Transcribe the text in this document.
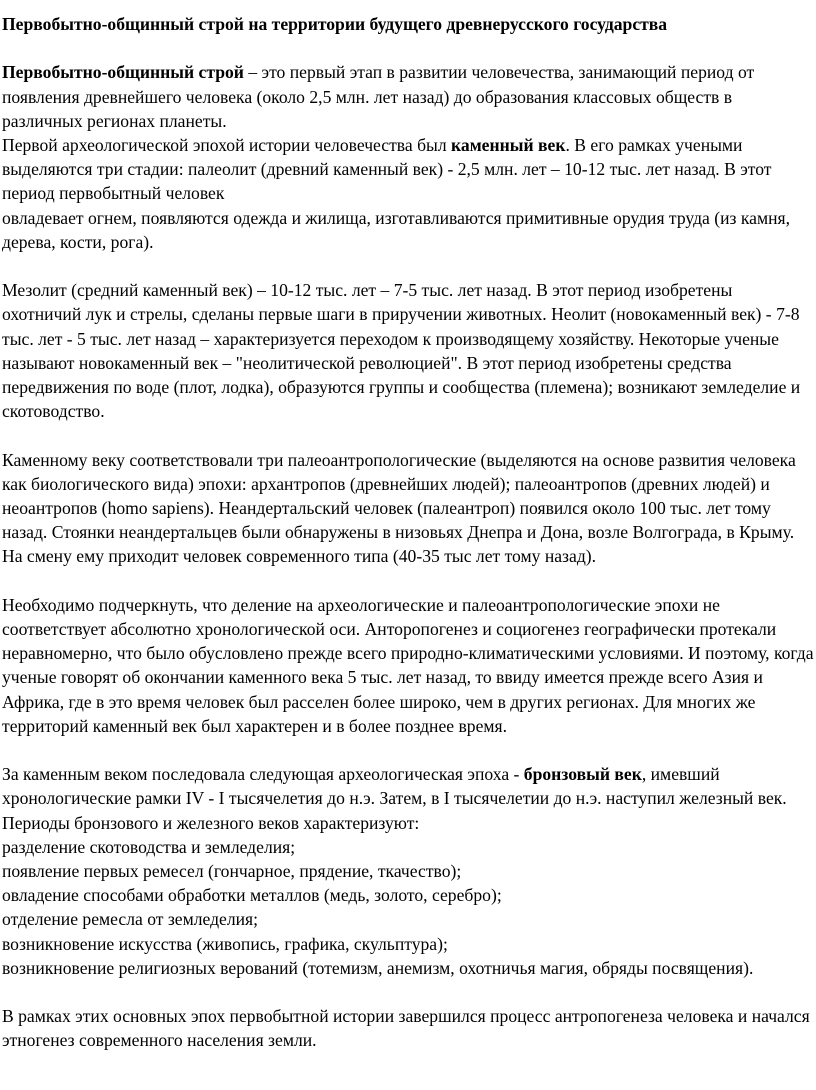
Первобытно-общинный строй на территории будущего древнерусского государства

Первобытно-общинный строй – это первый этап в развитии человечества, занимающий период от появления древнейшего человека (около 2,5 млн. лет назад) до образования классовых обществ в различных регионах планеты.

Первой археологической эпохой истории человечества был каменный век. В его рамках учеными выделяются три стадии: палеолит (древний каменный век) - 2,5 млн. лет – 10-12 тыс. лет назад. В этот период первобытный человек

овладевает огнем, появляются одежда и жилища, изготавливаются примитивные орудия труда (из камня, дерева, кости, рога).

Мезолит (средний каменный век) – 10-12 тыс. лет – 7-5 тыс. лет назад. В этот период изобретены охотничий лук и стрелы, сделаны первые шаги в приручении животных. Неолит (новокаменный век) - 7-8 тыс. лет - 5 тыс. лет назад – характеризуется переходом к производящему хозяйству. Некоторые ученые называют новокаменный век – "неолитической революцией". В этот период изобретены средства передвижения по воде (плот, лодка), образуются группы и сообщества (племена); возникают земледелие и скотоводство.

Каменному веку соответствовали три палеоантропологические (выделяются на основе развития человека как биологического вида) эпохи: архантропов (древнейших людей); палеоантропов (древних людей) и неоантропов (homo sapiens). Неандертальский человек (палеантроп) появился около 100 тыс. лет тому назад. Стоянки неандертальцев были обнаружены в низовьях Днепра и Дона, возле Волгограда, в Крыму. На смену ему приходит человек современного типа (40-35 тыс лет тому назад).

Необходимо подчеркнуть, что деление на археологические и палеоантропологические эпохи не соответствует абсолютно хронологической оси. Анторопогенез и социогенез географически протекали неравномерно, что было обусловлено прежде всего природно-климатическими условиями. И поэтому, когда ученые говорят об окончании каменного века 5 тыс. лет назад, то ввиду имеется прежде всего Азия и Африка, где в это время человек был расселен более широко, чем в других регионах. Для многих же территорий каменный век был характерен и в более позднее время.

За каменным веком последовала следующая археологическая эпоха - бронзовый век, имевший хронологические рамки IV - I тысячелетия до н.э. Затем, в I тысячелетии до н.э. наступил железный век. Периоды бронзового и железного веков характеризуют:

разделение скотоводства и земледелия;
появление первых ремесел (гончарное, прядение, ткачество);
овладение способами обработки металлов (медь, золото, серебро);
отделение ремесла от земледелия;
возникновение искусства (живопись, графика, скульптура);
возникновение религиозных верований (тотемизм, анемизм, охотничья магия, обряды посвящения).

В рамках этих основных эпох первобытной истории завершился процесс антропогенеза человека и начался этногенез современного населения земли.
